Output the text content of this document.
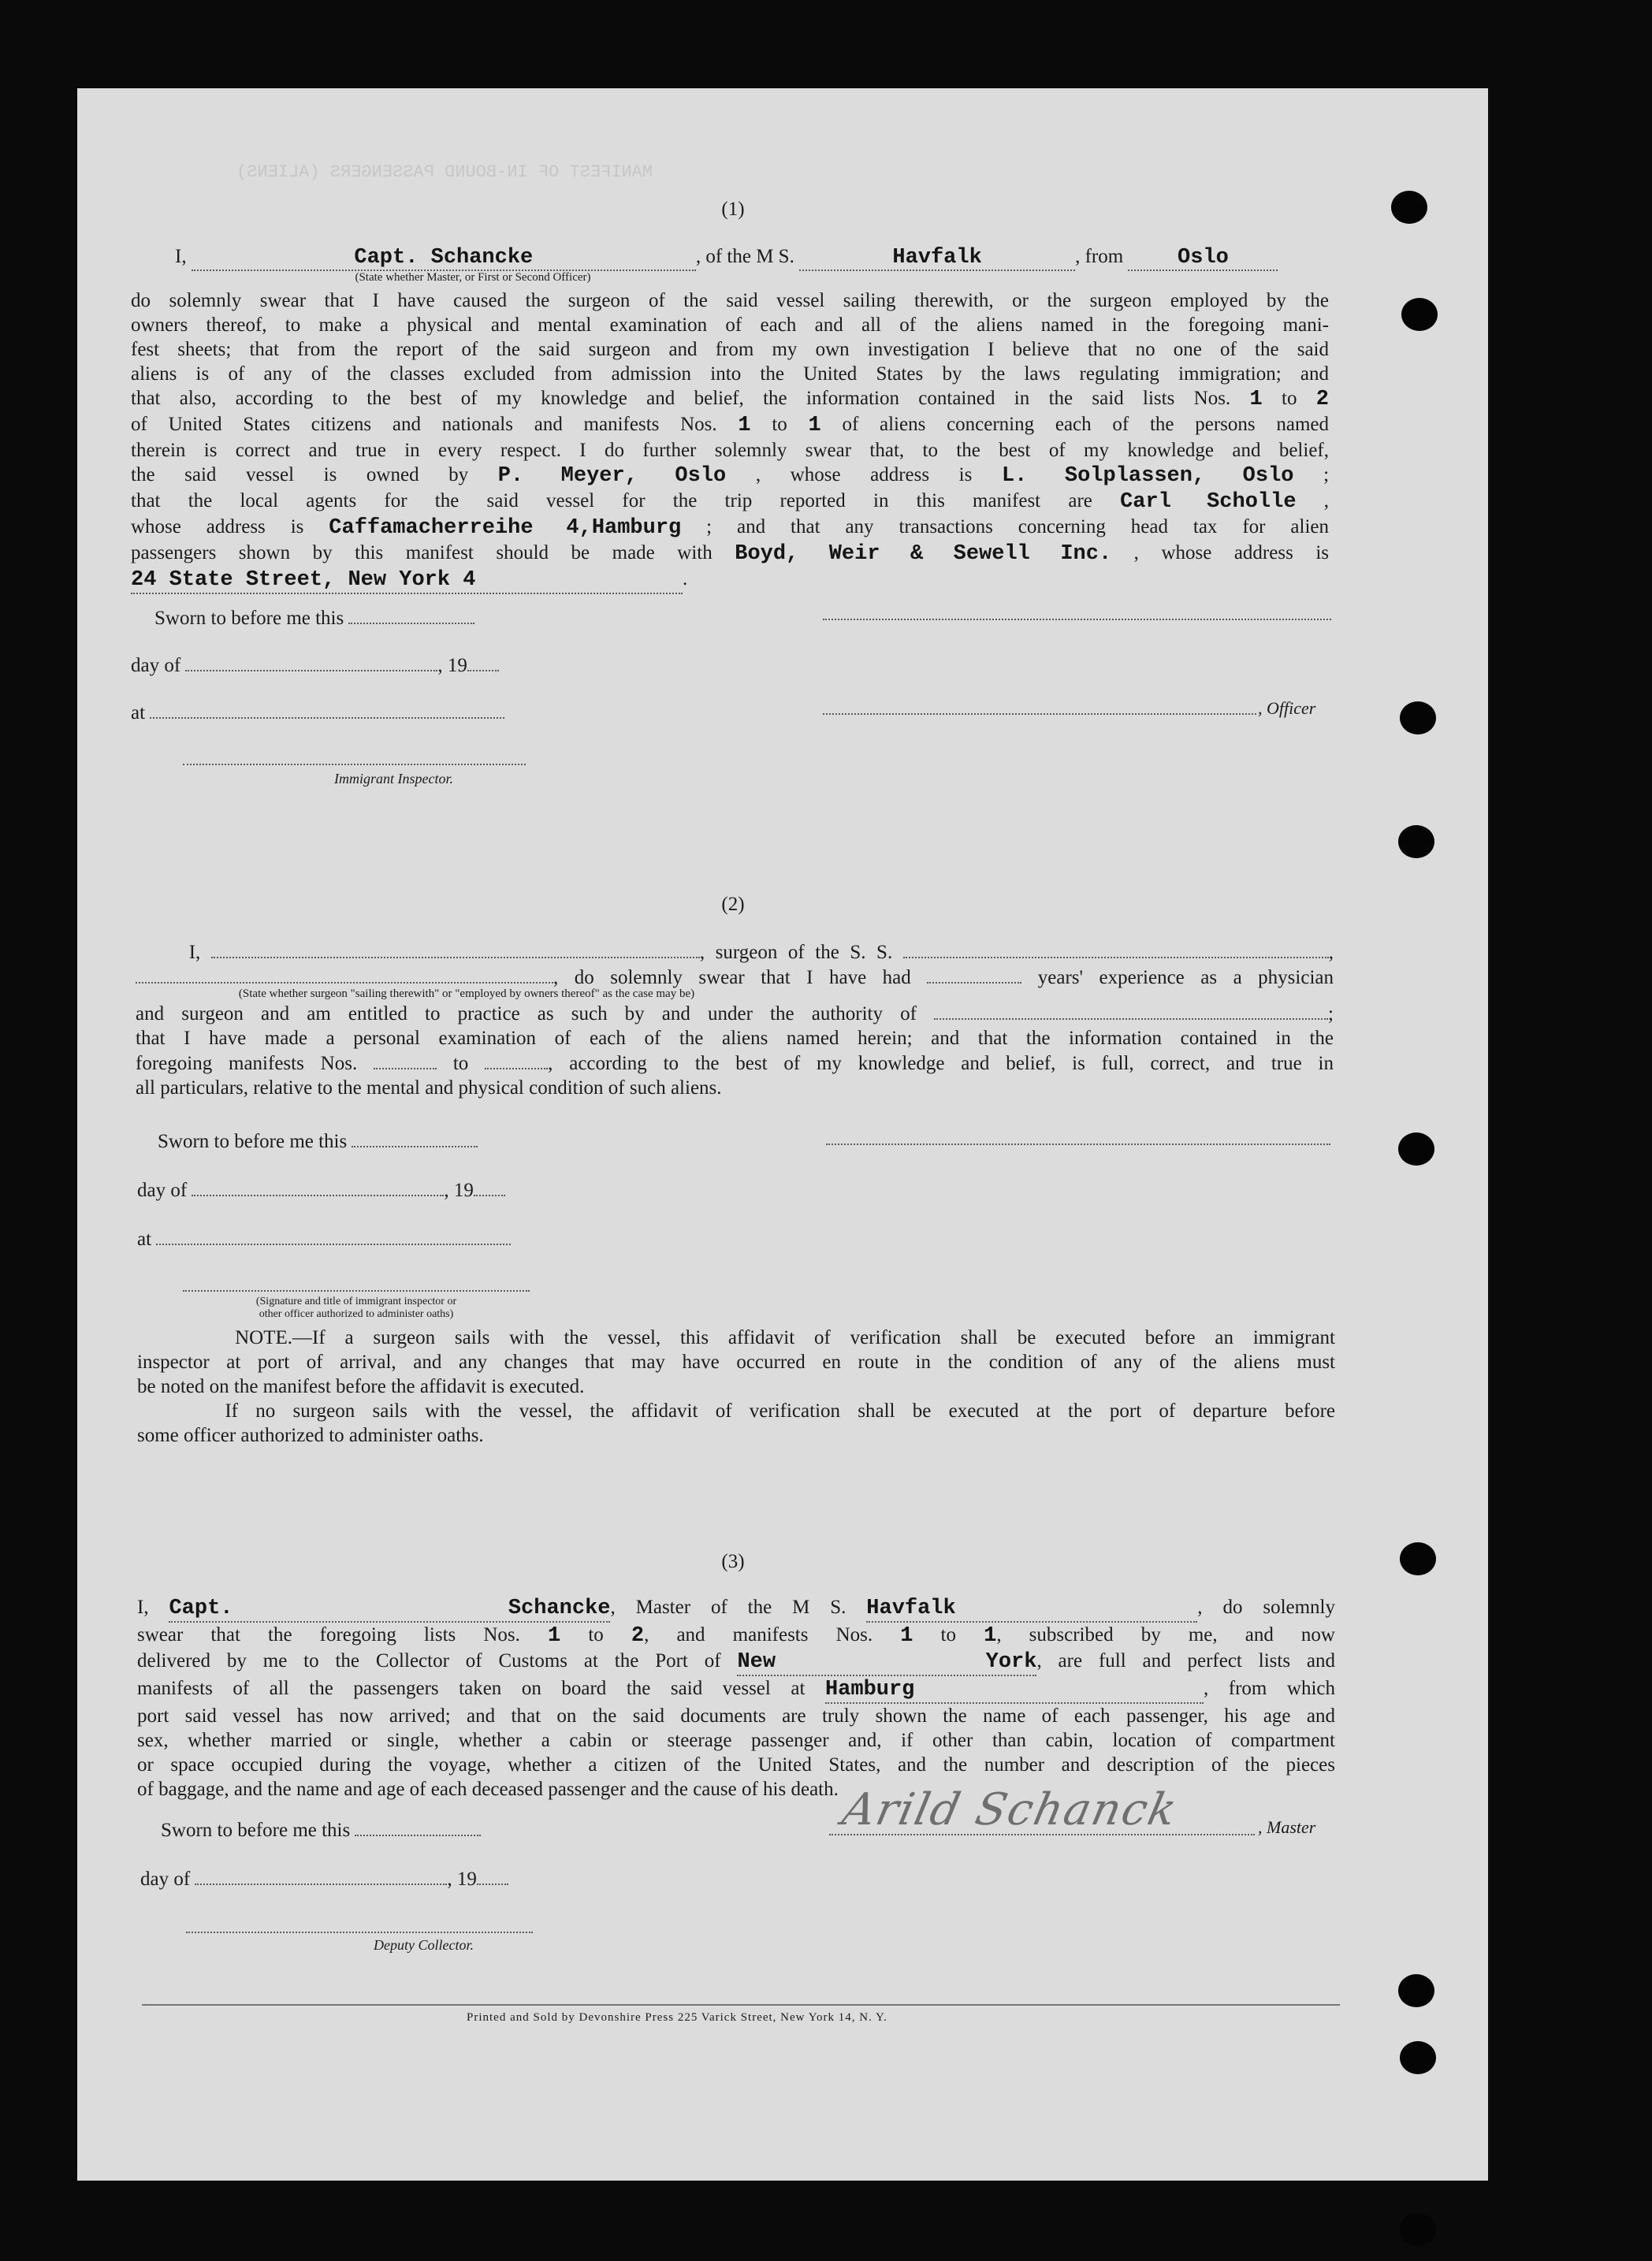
MANIFEST OF IN-BOUND PASSENGERS (ALIENS)
(1)
I,	Capt. Schancke	, of the M S.	Havfalk	, from Oslo
(State whether Master, or First or Second Officer)
do solemnly swear that I have caused the surgeon of the said vessel sailing therewith, or the surgeon employed by the
owners thereof, to make a physical and mental examination of each and all of the aliens named in the foregoing mani-
fest sheets; that from the report of the said surgeon and from my own investigation I believe that no one of the said
aliens is of any of the classes excluded from admission into the United States by the laws regulating immigration; and
that also, according to the best of my knowledge and belief, the information contained in the said lists Nos. 1 to 2
of United States citizens and nationals and manifests Nos. 1 to 1 of aliens concerning each of the persons named
therein is correct and true in every respect. I do further solemnly swear that, to the best of my knowledge and belief,
the said vessel is owned by P. Meyer, Oslo , whose address is L. Solplassen, Oslo ;
that the local agents for the said vessel for the trip reported in this manifest are Carl Scholle ,
whose address is Caffamacherreihe 4,Hamburg ; and that any transactions concerning head tax for alien
passengers shown by this manifest should be made with Boyd, Weir & Sewell Inc. , whose address is
24 State Street, New York 4	.
Sworn to before me this
day of	, 19
at	, Officer
Immigrant Inspector.
(2)
I,	, surgeon of the S. S.	,
, do solemnly swear that I have had	years' experience as a physician
and surgeon and am entitled to practice as such by and under the authority of	;
that I have made a personal examination of each of the aliens named herein; and that the information contained in the
foregoing manifests Nos.	to	, according to the best of my knowledge and belief, is full, correct, and true in
all particulars, relative to the mental and physical condition of such aliens.
(State whether surgeon "sailing therewith" or "employed by owners thereof" as the case may be)
Sworn to before me this
day of	, 19
at
(Signature and title of immigrant inspector or
other officer authorized to administer oaths)
NOTE.—If a surgeon sails with the vessel, this affidavit of verification shall be executed before an immigrant
inspector at port of arrival, and any changes that may have occurred en route in the condition of any of the aliens must
be noted on the manifest before the affidavit is executed.
If no surgeon sails with the vessel, the affidavit of verification shall be executed at the port of departure before
some officer authorized to administer oaths.
(3)
I, Capt. Schancke, Master of the M S. Havfalk	, do solemnly
swear that the foregoing lists Nos. 1 to 2, and manifests Nos. 1 to 1, subscribed by me, and now
delivered by me to the Collector of Customs at the Port of New York, are full and perfect lists and
manifests of all the passengers taken on board the said vessel at Hamburg	, from which
port said vessel has now arrived; and that on the said documents are truly shown the name of each passenger, his age and
sex, whether married or single, whether a cabin or steerage passenger and, if other than cabin, location of compartment
or space occupied during the voyage, whether a citizen of the United States, and the number and description of the pieces
of baggage, and the name and age of each deceased passenger and the cause of his death.
Sworn to before me this	Arild Schanck	, Master
day of	, 19
Deputy Collector.
Printed and Sold by Devonshire Press 225 Varick Street, New York 14, N. Y.
